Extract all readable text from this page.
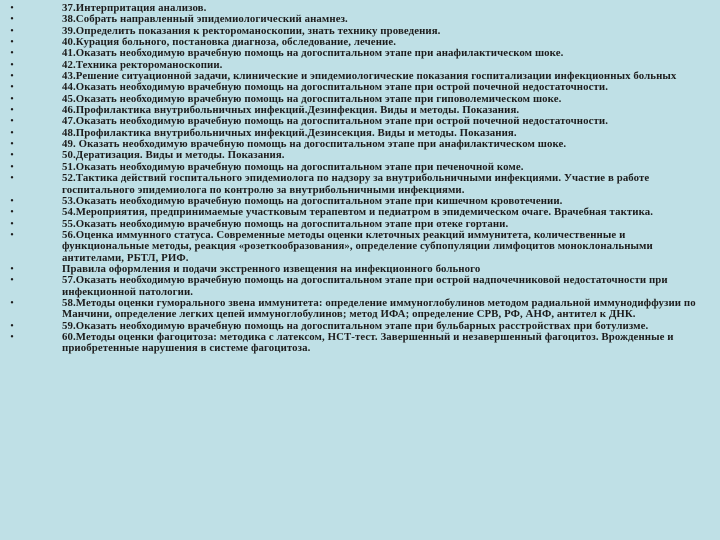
•	37.Интерпритация анализов.
•	38.Собрать направленный эпидемиологический анамнез.
•	39.Определить показания к ректороманоскопии, знать технику проведения.
•	40.Курация больного, постановка диагноза, обследование, лечение.
•	41.Оказать необходимую врачебную помощь на догоспитальном этапе при анафилактическом шоке.
•	42.Техника ректороманоскопии.
•	43.Решение ситуационной задачи, клинические и эпидемиологические показания госпитализации инфекционных больных
•	44.Оказать необходимую врачебную помощь на догоспитальном этапе при острой почечной недостаточности.
•	45.Оказать необходимую врачебную помощь на догоспитальном этапе при гиповолемическом шоке.
•	46.Профилактика внутрибольничных инфекций.Дезинфекция. Виды и методы. Показания.
•	47.Оказать необходимую врачебную помощь на догоспитальном этапе при острой почечной недостаточности.
•	48.Профилактика внутрибольничных инфекций.Дезинсекция. Виды и методы. Показания.
•	49. Оказать необходимую врачебную помощь на догоспитальном этапе при анафилактическом шоке.
•	50.Дератизация. Виды и методы. Показания.
•	51.Оказать необходимую врачебную помощь на догоспитальном этапе при печеночной коме.
•	52.Тактика действий госпитального эпидемиолога по надзору за внутрибольничными инфекциями. Участие в работе госпитального эпидемиолога по контролю за внутрибольничными инфекциями.
•	53.Оказать необходимую врачебную помощь на догоспитальном этапе при кишечном кровотечении.
•	54.Мероприятия, предпринимаемые участковым терапевтом и педиатром в эпидемическом очаге. Врачебная тактика.
•	55.Оказать необходимую врачебную помощь на догоспитальном этапе при отеке гортани.
•	56.Оценка иммунного статуса. Современные методы оценки клеточных реакций иммунитета, количественные и функциональные методы, реакция «розеткообразования», определение субпопуляции лимфоцитов моноклональными антителами, РБТЛ, РИФ.
•	Правила оформления и подачи экстренного извещения на инфекционного больного
•	57.Оказать необходимую врачебную помощь на догоспитальном этапе при острой надпочечниковой недостаточности при инфекционной патологии.
•	58.Методы оценки гуморального звена иммунитета: определение иммуноглобулинов методом радиальной иммунодиффузии по Манчини, определение легких цепей иммуноглобулинов; метод ИФА; определение СРВ, РФ, АНФ, антител к ДНК.
•	59.Оказать необходимую врачебную помощь на догоспитальном этапе при бульбарных расстройствах при ботулизме.
•	60.Методы оценки фагоцитоза: методика с латексом, НСТ-тест. Завершенный и незавершенный фагоцитоз. Врожденные и приобретенные нарушения в системе фагоцитоза.
